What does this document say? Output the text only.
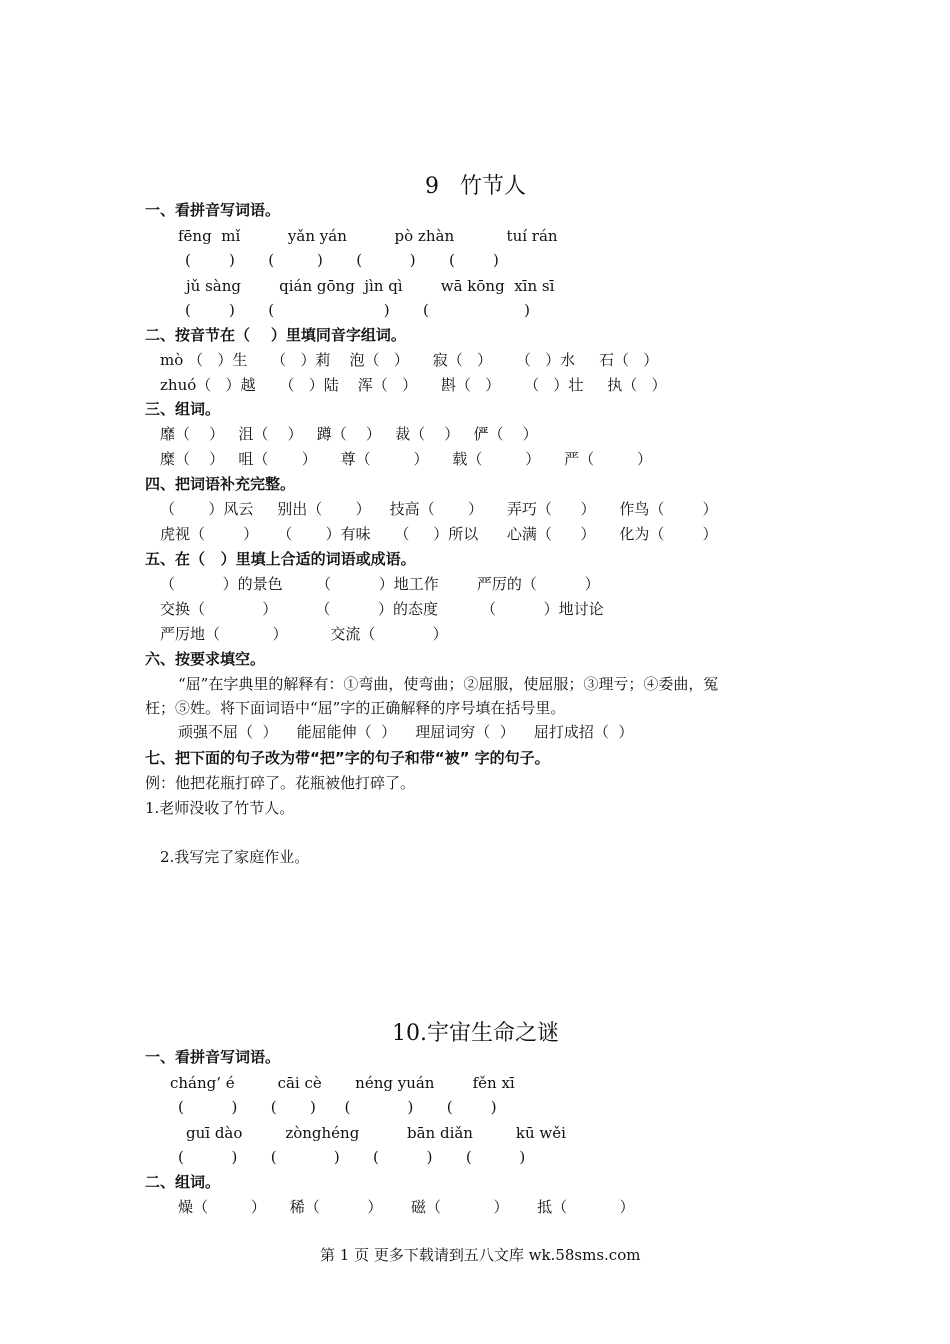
9   竹节人
一、看拼音写词语。
fēng  mǐ          yǎn yán          pò zhàn           tuí rán
(        )       (         )       (          )       (        )
jǔ sàng        qián gōng  jìn qì        wā kōng  xīn sī
(        )       (                       )       (                    )
二、按音节在（    ）里填同音字组词。
mò （   ）生     （   ）莉    泡（   ）     寂（   ）     （   ）水     石（   ）
zhuó（   ）越     （   ）陆    浑（   ）     斟（   ）     （   ）壮     执（   ）
三、组词。
靡（    ）   沮（    ）   蹲（    ）   裁（    ）   俨（    ）
糜（    ）   咀（       ）     尊（         ）     载（         ）     严（         ）
四、把词语补充完整。
（       ）风云     别出（       ）    技高（       ）     弄巧（      ）     作鸟（        ）
虎视（        ）    （       ）有味     （     ）所以      心满（      ）     化为（        ）
五、在（   ）里填上合适的词语或成语。
（          ）的景色       （          ）地工作        严厉的（          ）
交换（            ）        （          ）的态度         （          ）地讨论
严厉地（           ）         交流（            ）
六、按要求填空。
“屈”在字典里的解释有：①弯曲，使弯曲；②屈服，使屈服；③理亏；④委曲，冤
枉；⑤姓。将下面词语中“屈”字的正确解释的序号填在括号里。
顽强不屈（  ）    能屈能伸（  ）    理屈词穷（  ）    屈打成招（  ）
七、把下面的句子改为带“把”字的句子和带“被” 字的句子。
例：他把花瓶打碎了。花瓶被他打碎了。
1.老师没收了竹节人。
2.我写完了家庭作业。
10.宇宙生命之谜
一、看拼音写词语。
cháng’ é         cāi cè       néng yuán        fěn xī
(          )       (       )      (            )       (        )
guī dào         zònghéng          bān diǎn         kū wěi
(          )       (            )       (          )       (          )
二、组词。
燥（         ）     稀（          ）      磁（           ）      抵（           ）
第 1 页 更多下载请到五八文库 wk.58sms.com
